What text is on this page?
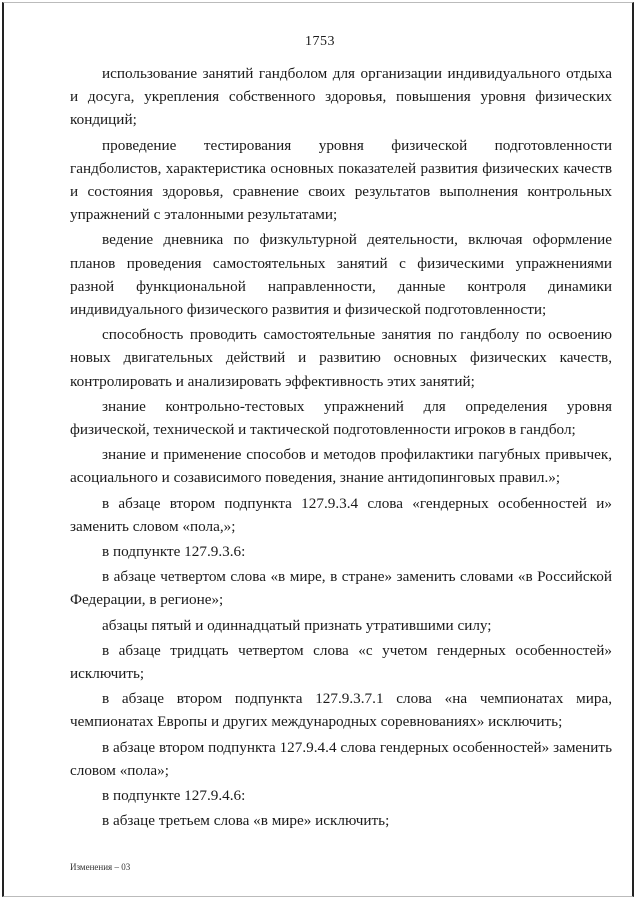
1753

использование занятий гандболом для организации индивидуального отдыха и досуга, укрепления собственного здоровья, повышения уровня физических кондиций;

проведение тестирования уровня физической подготовленности гандболистов, характеристика основных показателей развития физических качеств и состояния здоровья, сравнение своих результатов выполнения контрольных упражнений с эталонными результатами;

ведение дневника по физкультурной деятельности, включая оформление планов проведения самостоятельных занятий с физическими упражнениями разной функциональной направленности, данные контроля динамики индивидуального физического развития и физической подготовленности;

способность проводить самостоятельные занятия по гандболу по освоению новых двигательных действий и развитию основных физических качеств, контролировать и анализировать эффективность этих занятий;

знание контрольно-тестовых упражнений для определения уровня физической, технической и тактической подготовленности игроков в гандбол;

знание и применение способов и методов профилактики пагубных привычек, асоциального и созависимого поведения, знание антидопинговых правил.»;

в абзаце втором подпункта 127.9.3.4 слова «гендерных особенностей и» заменить словом «пола,»;

в подпункте 127.9.3.6:

в абзаце четвертом слова «в мире, в стране» заменить словами «в Российской Федерации, в регионе»;

абзацы пятый и одиннадцатый признать утратившими силу;

в абзаце тридцать четвертом слова «с учетом гендерных особенностей» исключить;

в абзаце втором подпункта 127.9.3.7.1 слова «на чемпионатах мира, чемпионатах Европы и других международных соревнованиях» исключить;

в абзаце втором подпункта 127.9.4.4 слова гендерных особенностей» заменить словом «пола»;

в подпункте 127.9.4.6:

в абзаце третьем слова «в мире» исключить;

Изменения – 03
